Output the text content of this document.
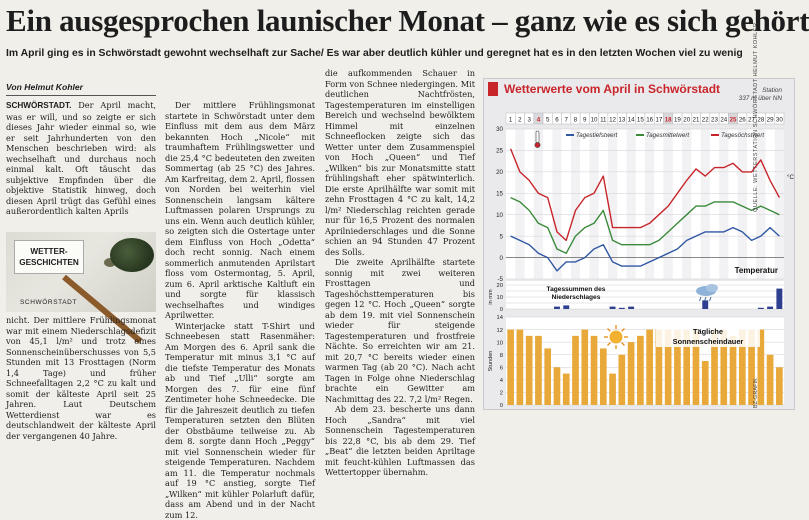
Ein ausgesprochen launischer Monat – ganz wie es sich gehört
Im April ging es in Schwörstadt gewohnt wechselhaft zur Sache/ Es war aber deutlich kühler und geregnet hat es in den letzten Wochen viel zu wenig
Von Helmut Kohler
SCHWÖRSTADT. Der April macht, was er will, und so zeigte er sich dieses Jahr wieder einmal so, wie er seit Jahrhunderten von den Menschen beschrieben wird: als wechselhaft und durchaus noch einmal kalt. Oft täuscht das subjektive Empfinden über die objektive Statistik hinweg, doch diesen April trügt das Gefühl eines außerordentlich kalten Aprils
WETTER-
GESCHICHTEN
SCHWÖRSTADT
nicht. Der mittlere Frühlingsmonat war mit einem Niederschlagsdefizit von 45,1 l/m² und trotz eines Sonnenscheinüberschusses von 5,5 Stunden mit 13 Frosttagen (Norm 1,4 Tage) und früher Schneefalltagen 2,2 °C zu kalt und somit der kälteste April seit 25 Jahren. Laut Deutschem Wetterdienst war es deutschlandweit der kälteste April der vergangenen 40 Jahre.
Der mittlere Frühlingsmonat startete in Schwörstadt unter dem Einfluss mit dem aus dem März bekannten Hoch „Nicole“ mit traumhaftem Frühlingswetter und die 25,4 °C bedeuteten den zweiten Sommertag (ab 25 °C) des Jahres. Am Karfreitag, dem 2. April, flossen von Norden bei weiterhin viel Sonnenschein langsam kältere Luftmassen polaren Ursprungs zu uns ein. Wenn auch deutlich kühler, so zeigten sich die Ostertage unter dem Einfluss von Hoch „Odetta“ doch recht sonnig. Nach einem sommerlich anmutenden Aprilstart floss vom Ostermontag, 5. April, zum 6. April arktische Kaltluft ein und sorgte für klassisch wechselhaftes und windiges Aprilwetter.
Winterjacke statt T-Shirt und Schneebesen statt Rasenmäher: Am Morgen des 6. April sank die Temperatur mit minus 3,1 °C auf die tiefste Temperatur des Monats ab und Tief „Ulli“ sorgte am Morgen des 7. für eine fünf Zentimeter hohe Schneedecke. Die für die Jahreszeit deutlich zu tiefen Temperaturen setzten den Blüten der Obstbäume teilweise zu. Ab dem 8. sorgte dann Hoch „Peggy“ mit viel Sonnenschein wieder für steigende Temperaturen. Nachdem am 11. die Temperatur nochmals auf 19 °C anstieg, sorgte Tief „Wilken“ mit kühler Polarluft dafür, dass am Abend und in der Nacht zum 12.
die aufkommenden Schauer in Form von Schnee niedergingen. Mit deutlichen Nachtfrösten, Tagestemperaturen im einstelligen Bereich und wechselnd bewölktem Himmel mit einzelnen Schneeflocken zeigte sich das Wetter unter dem Zusammenspiel von Hoch „Queen“ und Tief „Wilken“ bis zur Monatsmitte statt frühlingshaft eher spätwinterlich. Die erste Aprilhälfte war somit mit zehn Frosttagen 4 °C zu kalt, 14,2 l/m² Niederschlag reichten gerade nur für 16,5 Prozent des normalen Aprilniederschlages und die Sonne schien an 94 Stunden 47 Prozent des Solls.
Die zweite Aprilhälfte startete sonnig mit zwei weiteren Frosttagen und Tageshöchsttemperaturen bis gegen 12 °C. Hoch „Queen“ sorgte ab dem 19. mit viel Sonnenschein wieder für steigende Tagestemperaturen und frostfreie Nächte. So erreichten wir am 21. mit 20,7 °C bereits wieder einen warmen Tag (ab 20 °C). Nach acht Tagen in Folge ohne Niederschlag brachte ein Gewitter am Nachmittag des 22. 7,2 l/m² Regen.
Ab dem 23. bescherte uns dann Hoch „Sandra“ mit viel Sonnenschein Tagestemperaturen bis 22,8 °C, bis ab dem 29. Tief „Beat“ die letzten beiden Apriltage mit feucht-kühlen Luftmassen das Wettertopper übernahm.
Wetterwerte vom April in Schwörstadt	Station
337 m über NN
1 2 3 4 5 6 7 8 9 10 11 12 13 14 15 16 17 18 19 20 21 22 23 24 25 26 27 28 29 30
-5
0
5
10
15
20
25
30
°C
Tagestiefstwert	Tagesmittelwert	Tagesöchstwert
Temperatur
0
10
20
in mm	Tagessummen des
Niederschlages
0
2
4
6
8
10
12
14
Stunden
Tägliche
Sonnenscheindauer
QUELLE: WETTERSTATION SCHWÖRSTADT HELMUT KOHLER
BZ-GRAFIK
